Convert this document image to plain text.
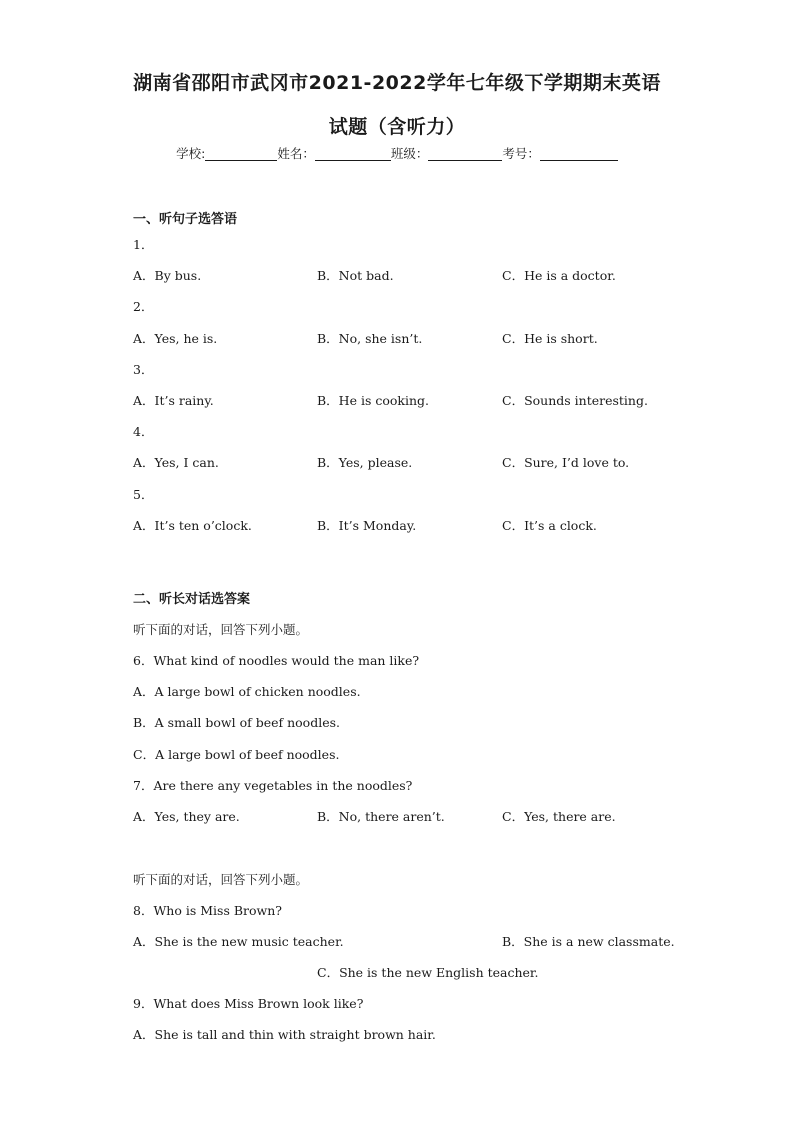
湖南省邵阳市武冈市2021-2022学年七年级下学期期末英语
试题（含听力）
学校:	姓名：	班级：	考号：
一、听句子选答语
1．
A．By bus.	B．Not bad.	C．He is a doctor.
2．
A．Yes, he is.	B．No, she isn’t.	C．He is short.
3．
A．It’s rainy.	B．He is cooking.	C．Sounds interesting.
4．
A．Yes, I can.	B．Yes, please.	C．Sure, I’d love to.
5．
A．It’s ten o’clock.	B．It’s Monday.	C．It’s a clock.
二、听长对话选答案
听下面的对话，回答下列小题。
6．What kind of noodles would the man like?
A．A large bowl of chicken noodles.
B．A small bowl of beef noodles.
C．A large bowl of beef noodles.
7．Are there any vegetables in the noodles?
A．Yes, they are.	B．No, there aren’t.	C．Yes, there are.
听下面的对话，回答下列小题。
8．Who is Miss Brown?
A．She is the new music teacher.	B．She is a new classmate.
C．She is the new English teacher.
9．What does Miss Brown look like?
A．She is tall and thin with straight brown hair.
